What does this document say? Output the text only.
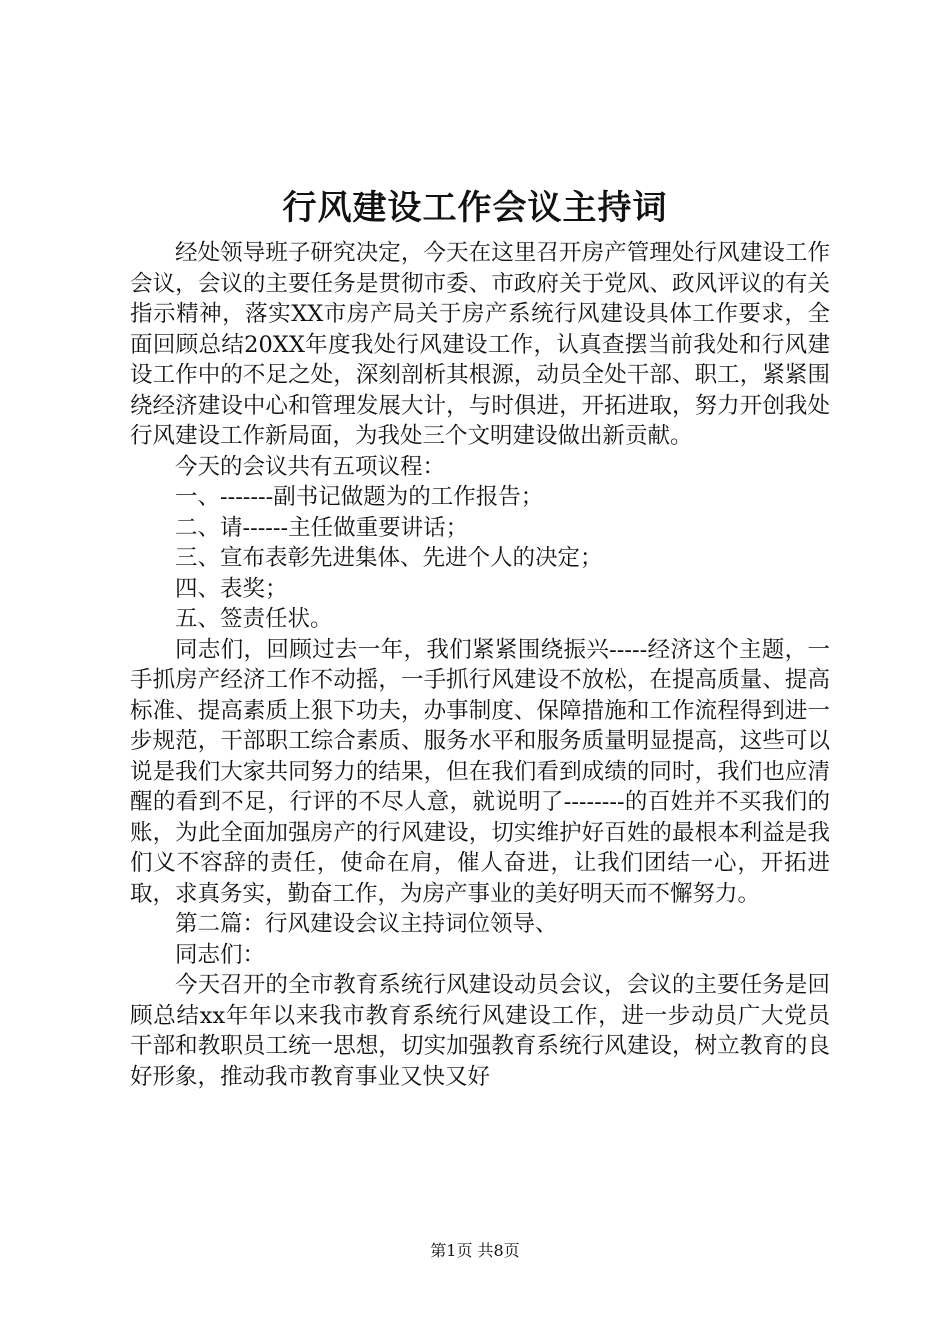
行风建设工作会议主持词

经处领导班子研究决定，今天在这里召开房产管理处行风建设工作会议，会议的主要任务是贯彻市委、市政府关于党风、政风评议的有关指示精神，落实XX市房产局关于房产系统行风建设具体工作要求，全面回顾总结20XX年度我处行风建设工作，认真查摆当前我处和行风建设工作中的不足之处，深刻剖析其根源，动员全处干部、职工，紧紧围绕经济建设中心和管理发展大计，与时俱进，开拓进取，努力开创我处行风建设工作新局面，为我处三个文明建设做出新贡献。

今天的会议共有五项议程：

一、-------副书记做题为的工作报告；

二、请------主任做重要讲话；

三、宣布表彰先进集体、先进个人的决定；

四、表奖；

五、签责任状。

同志们，回顾过去一年，我们紧紧围绕振兴-----经济这个主题，一手抓房产经济工作不动摇，一手抓行风建设不放松，在提高质量、提高标准、提高素质上狠下功夫，办事制度、保障措施和工作流程得到进一步规范，干部职工综合素质、服务水平和服务质量明显提高，这些可以说是我们大家共同努力的结果，但在我们看到成绩的同时，我们也应清醒的看到不足，行评的不尽人意，就说明了--------的百姓并不买我们的账，为此全面加强房产的行风建设，切实维护好百姓的最根本利益是我们义不容辞的责任，使命在肩，催人奋进，让我们团结一心，开拓进取，求真务实，勤奋工作，为房产事业的美好明天而不懈努力。

第二篇：行风建设会议主持词位领导、

同志们：

今天召开的全市教育系统行风建设动员会议，会议的主要任务是回顾总结xx年年以来我市教育系统行风建设工作，进一步动员广大党员干部和教职员工统一思想，切实加强教育系统行风建设，树立教育的良好形象，推动我市教育事业又快又好

第1页 共8页
